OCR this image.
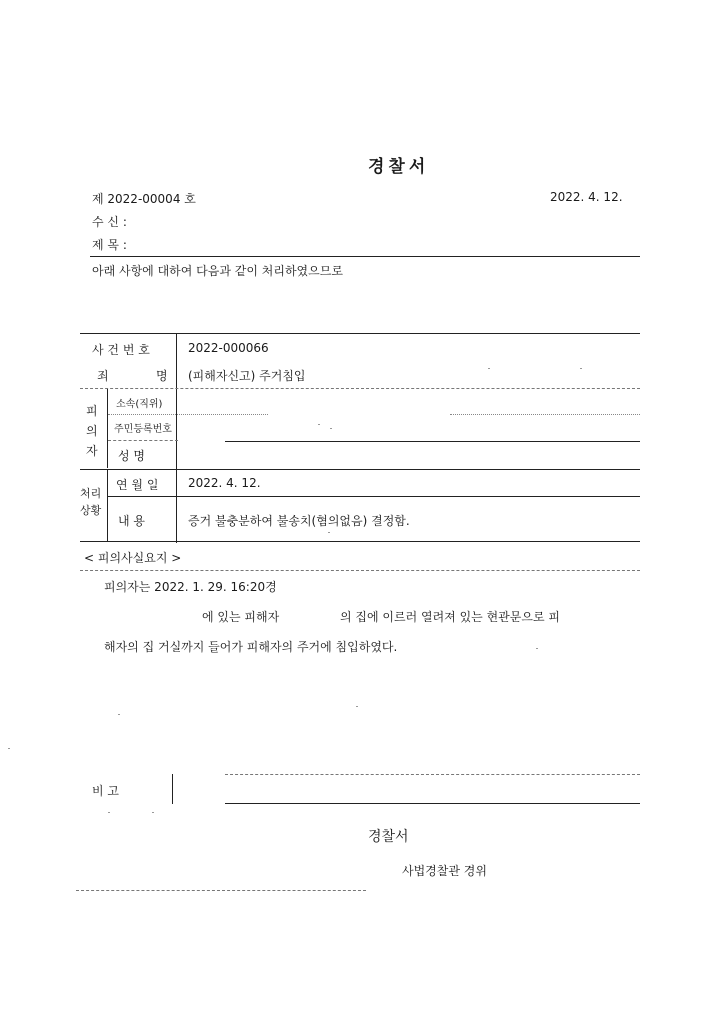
경찰서
제 2022-00004 호	2022. 4. 12.
수 신 :
제 목 :
아래 사항에 대하여 다음과 같이 처리하였으므로
사 건 번 호	2022-000066
죄	명 (피해자신고) 주거침입
피
의
자
소속(직위)
주민등록번호
성 명
처리
상황
연 월 일 2022. 4. 12.
내 용	증거 불충분하여 불송치(혐의없음) 결정함.
< 피의사실요지 >
피의자는 2022. 1. 29. 16:20경
에 있는 피해자	의 집에 이르러 열려져 있는 현관문으로 피
해자의 집 거실까지 들어가 피해자의 주거에 침입하였다.
비 고
경찰서
사법경찰관 경위
